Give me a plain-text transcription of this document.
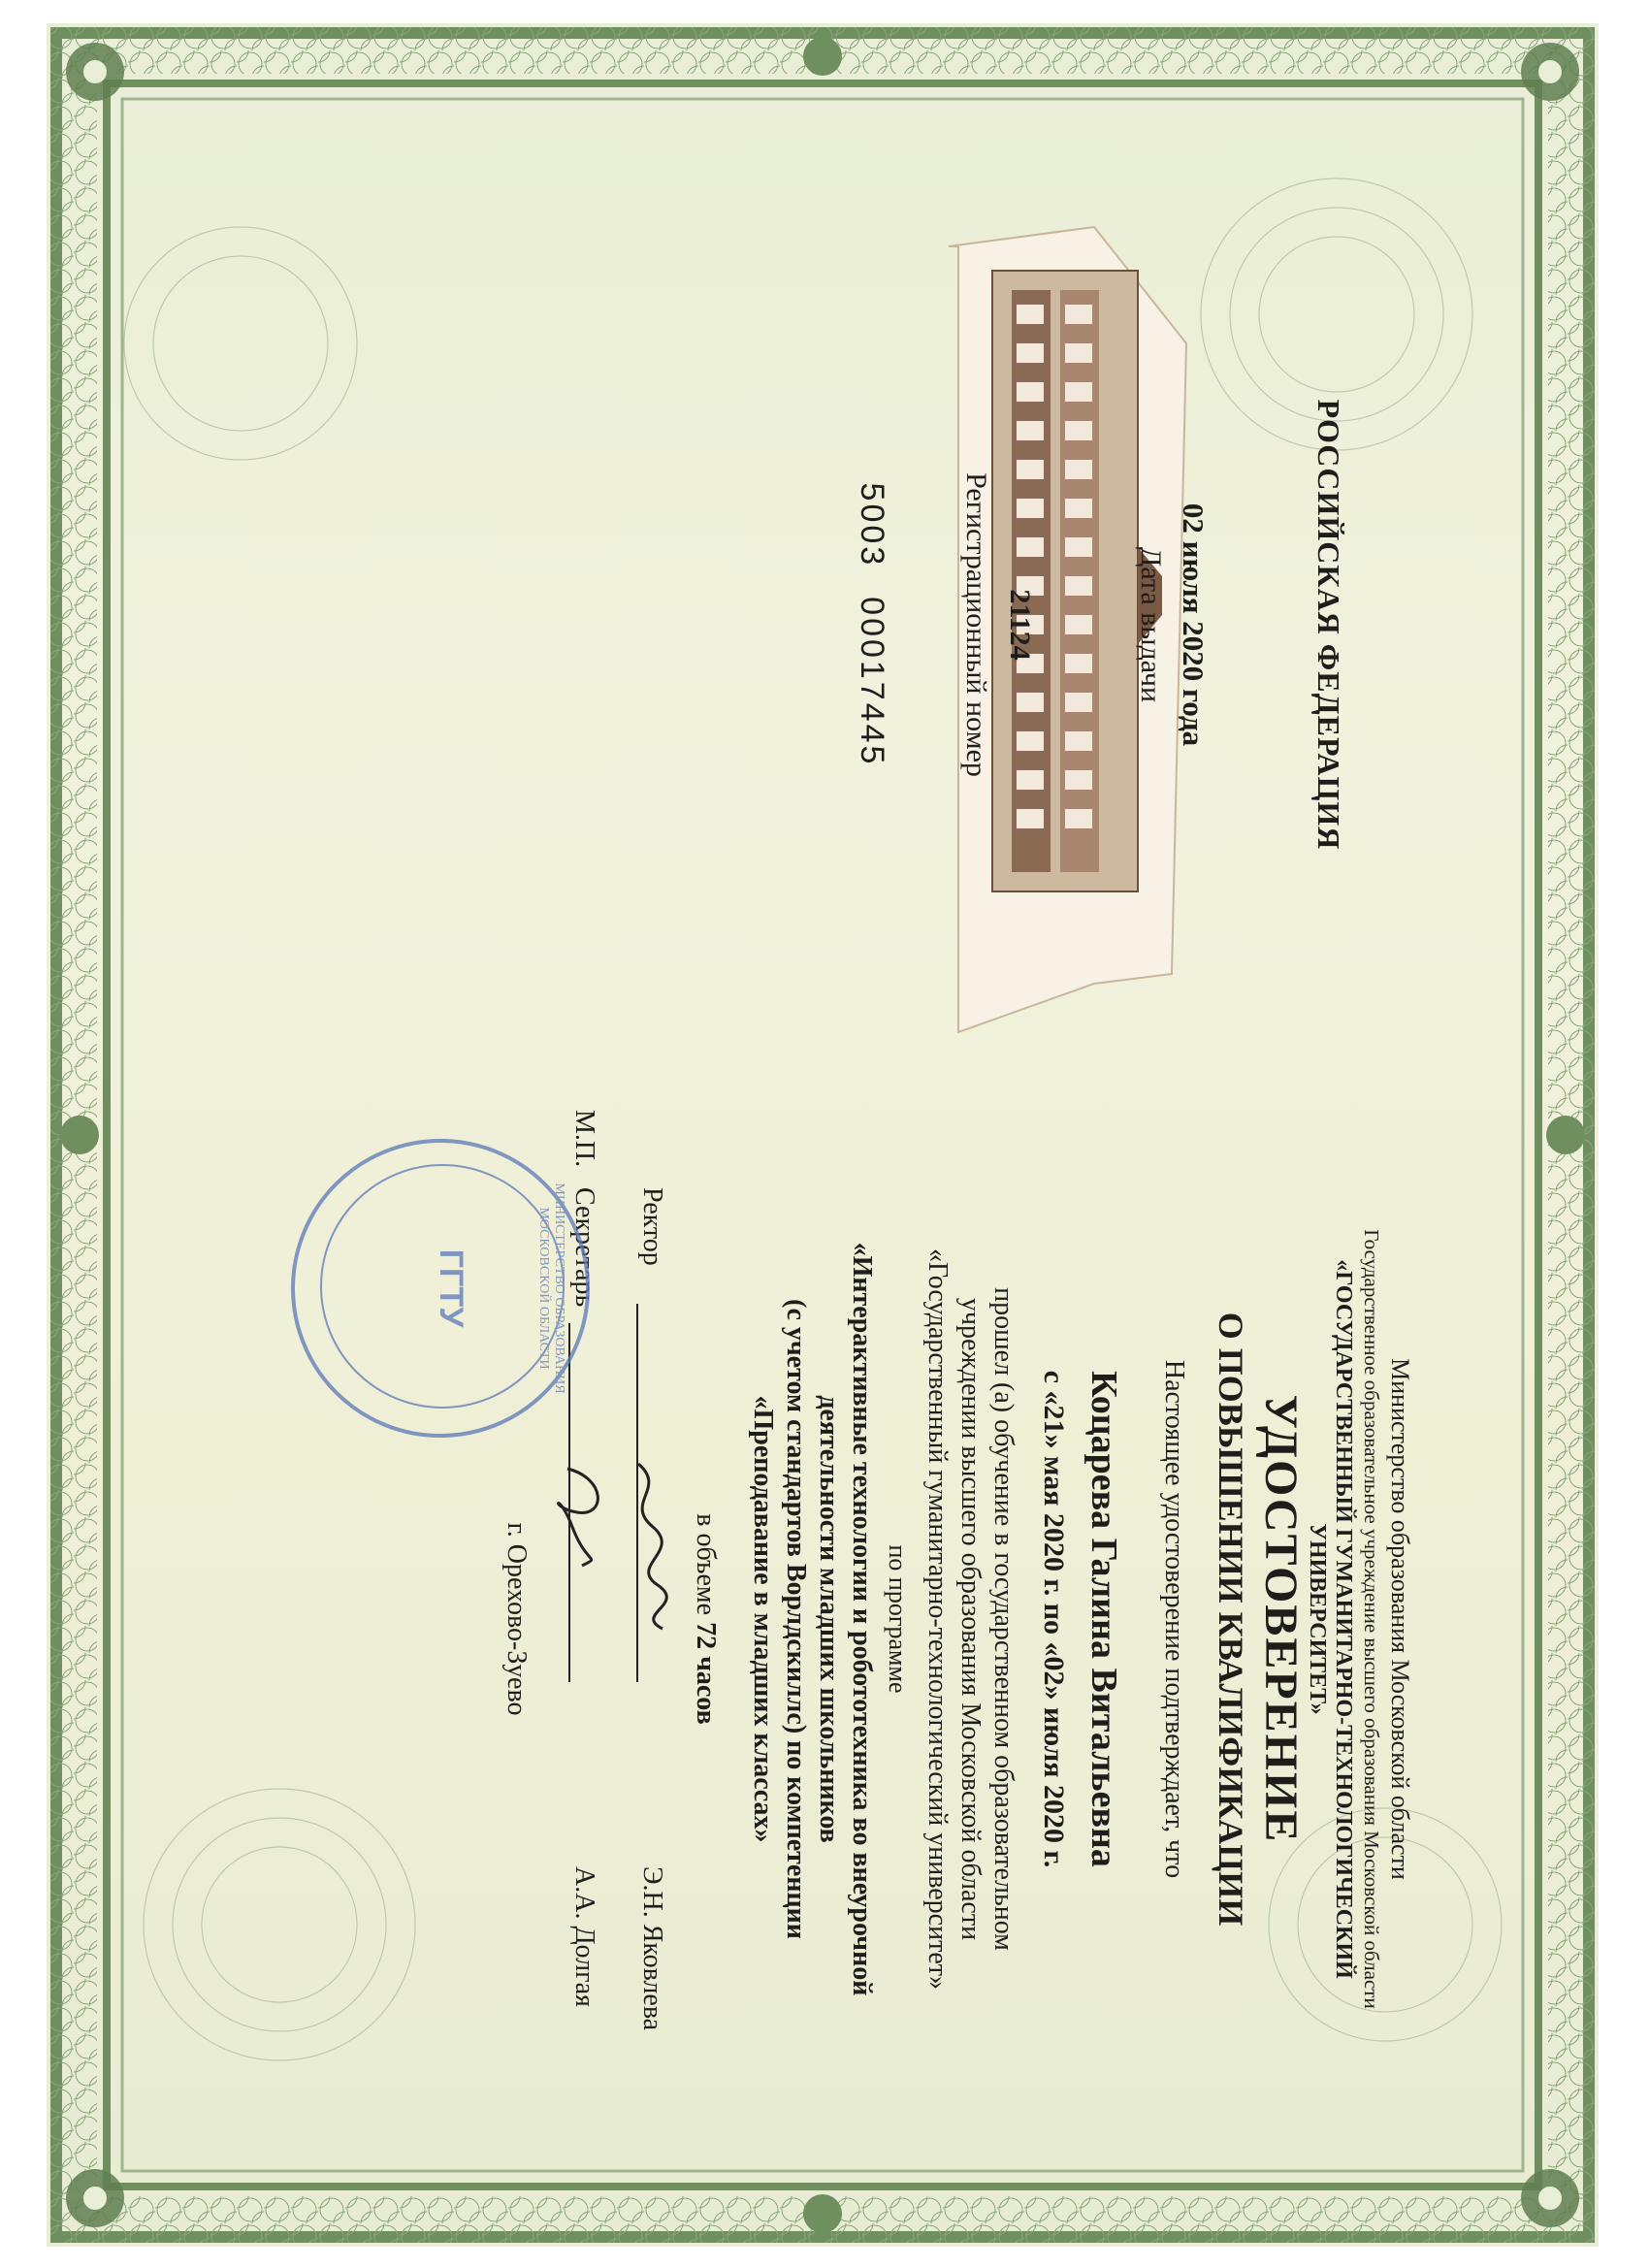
РОССИЙСКАЯ ФЕДЕРАЦИЯ
500300017445 Регистрационный номер 21124	Дата выдачи 02 июля 2020 года
Министерство образования Московской области
Государственное образовательное учреждение высшего образования Московской области
«ГОСУДАРСТВЕННЫЙ ГУМАНИТАРНО-ТЕХНОЛОГИЧЕСКИЙ УНИВЕРСИТЕТ»
УДОСТОВЕРЕНИЕ
О ПОВЫШЕНИИ КВАЛИФИКАЦИИ
Настоящее удостоверение подтверждает, что
Коцарева Галина Витальевна
с «21» мая 2020 г. по «02» июля 2020 г.
прошел (а) обучение в государственном образовательном
учреждении высшего образования Московской области
«Государственный гуманитарно-технологический университет»
по программе
«Интерактивные технологии и робототехника во внеурочной
деятельности младших школьников
(с учетом стандартов Ворлдскиллс) по компетенции
«Преподавание в младших классах»
в объеме 72 часов
Ректор
Э.Н. Яковлева
М.П.
Секретарь
А.А. Долгая
г. Орехово-Зуево
ГГТУ	МИНИСТЕРСТВО ОБРАЗОВАНИЯ МОСКОВСКОЙ ОБЛАСТИ
